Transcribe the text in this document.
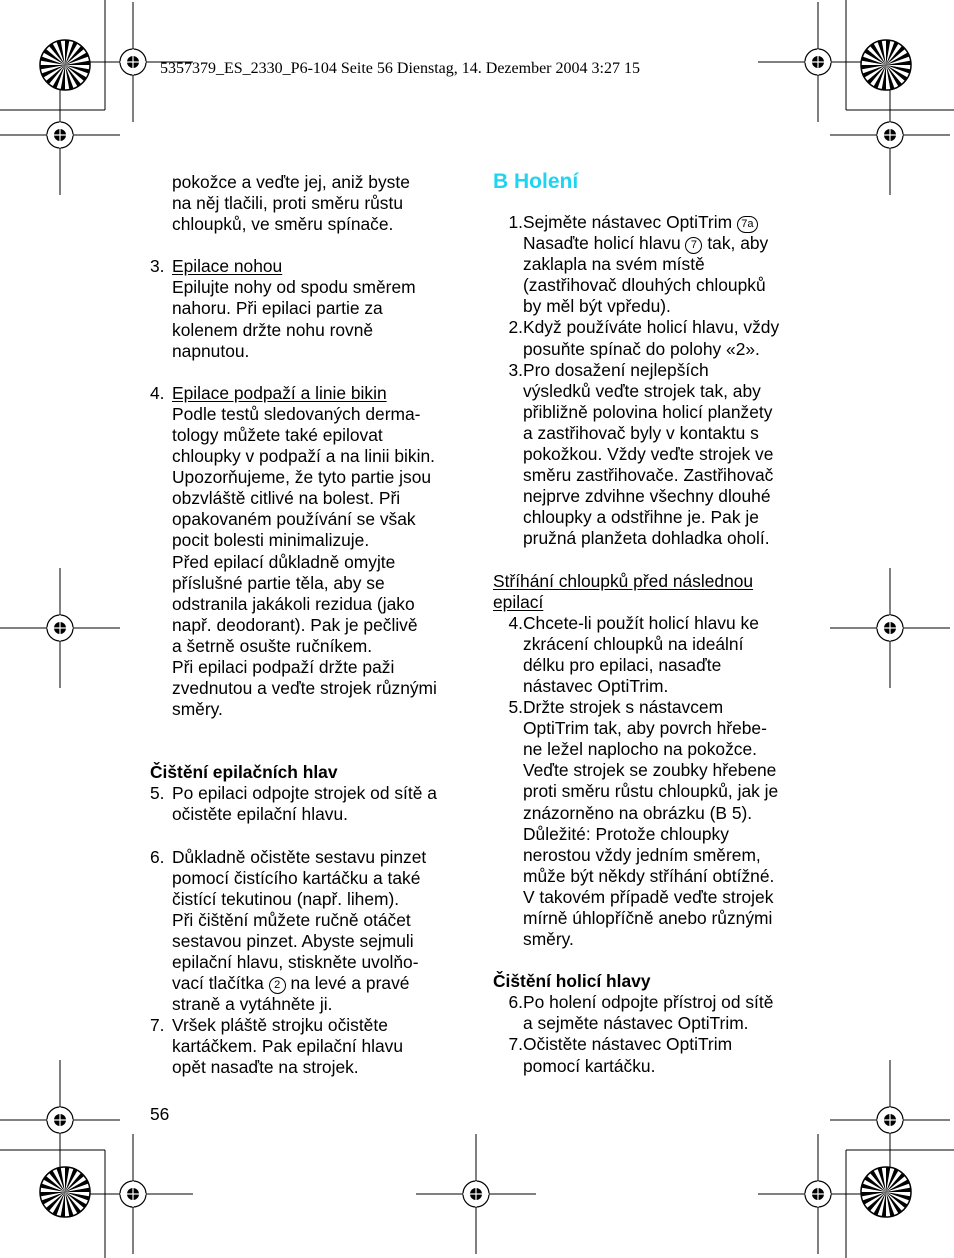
5357379_ES_2330_P6-104 Seite 56 Dienstag, 14. Dezember 2004 3:27 15

pokožce a veďte jej, aniž byste

na něj tlačili, proti směru růstu

chloupků, ve směru spínače.

3. Epilace nohou

Epilujte nohy od spodu směrem

nahoru. Při epilaci partie za

kolenem držte nohu rovně

napnutou.

4. Epilace podpaží a linie bikin

Podle testů sledovaných derma-

tology můžete také epilovat

chloupky v podpaží a na linii bikin.

Upozorňujeme, že tyto partie jsou

obzvláště citlivé na bolest. Při

opakovaném používání se však

pocit bolesti minimalizuje.

Před epilací důkladně omyjte

příslušné partie těla, aby se

odstranila jakákoli rezidua (jako

např. deodorant). Pak je pečlivě

a šetrně osušte ručníkem.

Při epilaci podpaží držte paži

zvednutou a veďte strojek různými

směry.

Čištění epilačních hlav

5. Po epilaci odpojte strojek od sítě a

očistěte epilační hlavu.

6. Důkladně očistěte sestavu pinzet

pomocí čistícího kartáčku a také

čistící tekutinou (např. lihem).

Při čištění můžete ručně otáčet

sestavou pinzet. Abyste sejmuli

epilační hlavu, stiskněte uvolňo-

vací tlačítka 2 na levé a pravé

straně a vytáhněte ji.

7. Vršek pláště strojku očistěte

kartáčkem. Pak epilační hlavu

opět nasaďte na strojek.

B Holení

1. Sejměte nástavec OptiTrim 7a

Nasaďte holicí hlavu 7 tak, aby

zaklapla na svém místě

(zastřihovač dlouhých chloupků

by měl být vpředu).

2. Když používáte holicí hlavu, vždy

posuňte spínač do polohy «2».

3. Pro dosažení nejlepších

výsledků veďte strojek tak, aby

přibližně polovina holicí planžety

a zastřihovač byly v kontaktu s

pokožkou. Vždy veďte strojek ve

směru zastřihovače. Zastřihovač

nejprve zdvihne všechny dlouhé

chloupky a odstřihne je. Pak je

pružná planžeta dohladka oholí.

Stříhání chloupků před následnou

epilací

4. Chcete-li použít holicí hlavu ke

zkrácení chloupků na ideální

délku pro epilaci, nasaďte

nástavec OptiTrim.

5. Držte strojek s nástavcem

OptiTrim tak, aby povrch hřebe-

ne ležel naplocho na pokožce.

Veďte strojek se zoubky hřebene

proti směru růstu chloupků, jak je

znázorněno na obrázku (B 5).

Důležité: Protože chloupky

nerostou vždy jedním směrem,

může být někdy stříhání obtížné.

V takovém případě veďte strojek

mírně úhlopříčně anebo různými

směry.

Čištění holicí hlavy

6. Po holení odpojte přístroj od sítě

a sejměte nástavec OptiTrim.

7. Očistěte nástavec OptiTrim

pomocí kartáčku.

56
